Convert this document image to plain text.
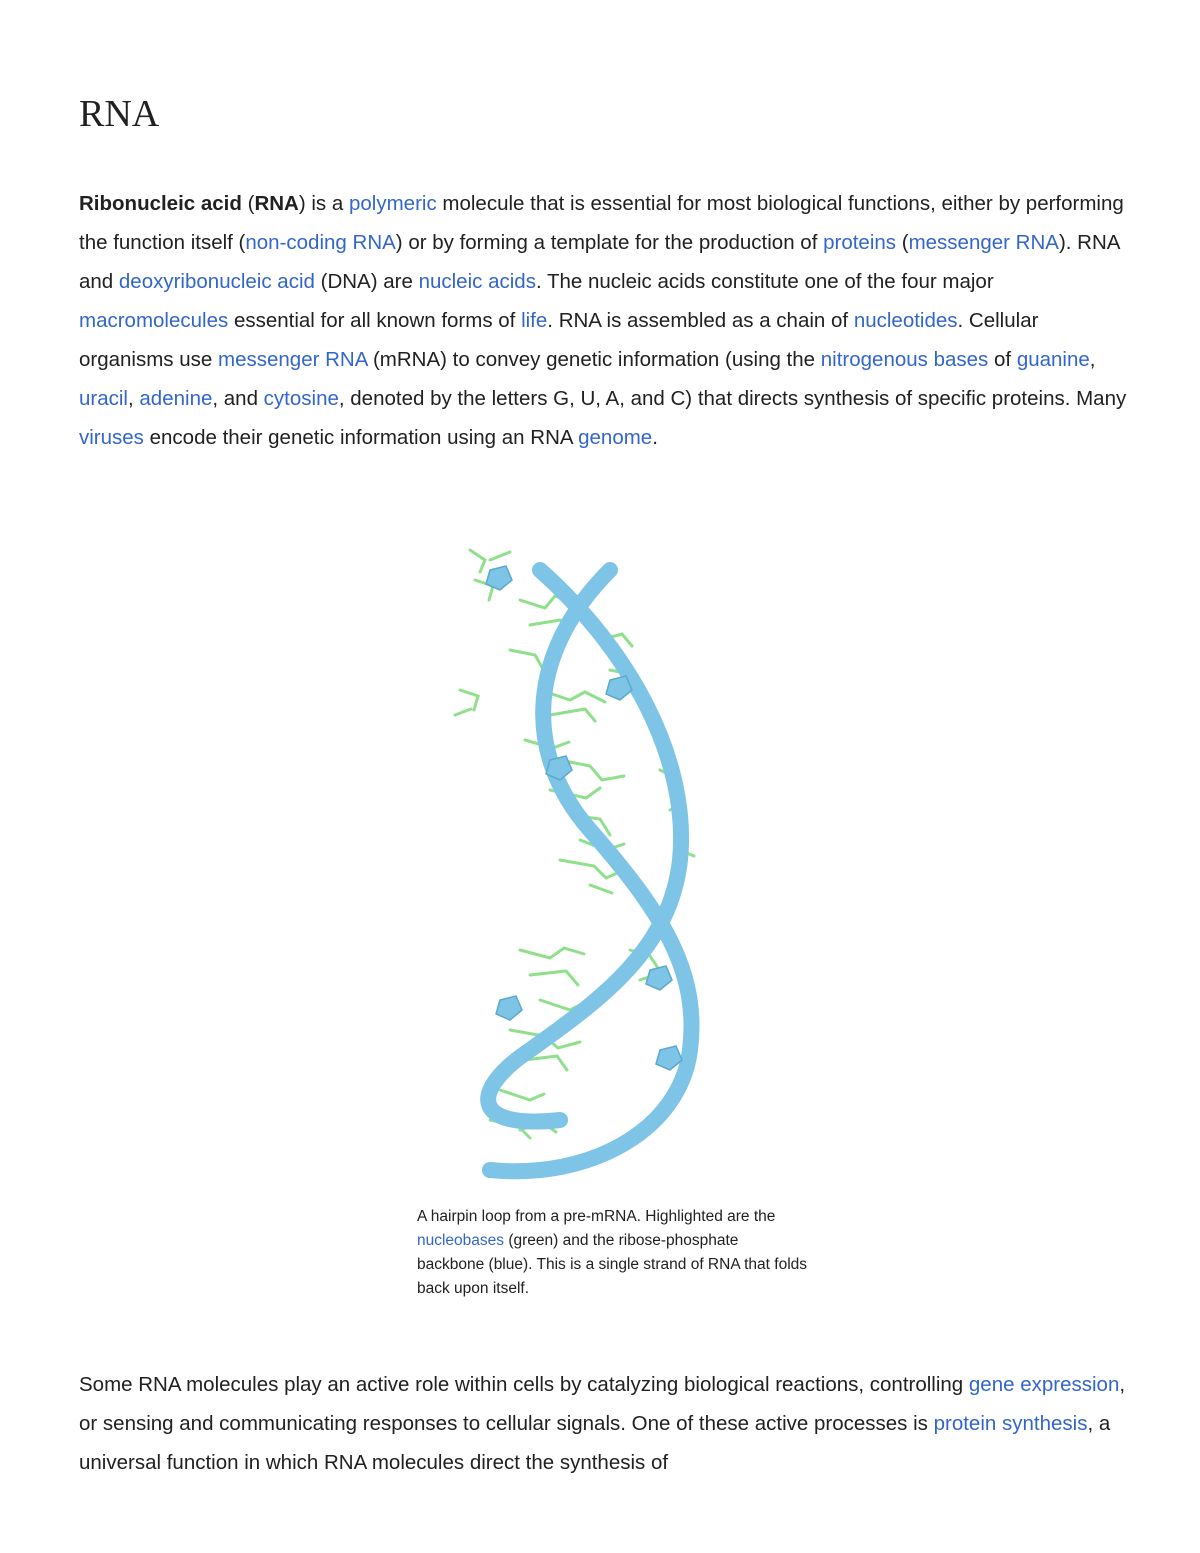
RNA

Ribonucleic acid (RNA) is a polymeric molecule that is essential for most biological functions, either by performing the function itself (non-coding RNA) or by forming a template for the production of proteins (messenger RNA). RNA and deoxyribonucleic acid (DNA) are nucleic acids. The nucleic acids constitute one of the four major macromolecules essential for all known forms of life. RNA is assembled as a chain of nucleotides. Cellular organisms use messenger RNA (mRNA) to convey genetic information (using the nitrogenous bases of guanine, uracil, adenine, and cytosine, denoted by the letters G, U, A, and C) that directs synthesis of specific proteins. Many viruses encode their genetic information using an RNA genome.

A hairpin loop from a pre-mRNA. Highlighted are the nucleobases (green) and the ribose-phosphate backbone (blue). This is a single strand of RNA that folds back upon itself.

Some RNA molecules play an active role within cells by catalyzing biological reactions, controlling gene expression, or sensing and communicating responses to cellular signals. One of these active processes is protein synthesis, a universal function in which RNA molecules direct the synthesis of
